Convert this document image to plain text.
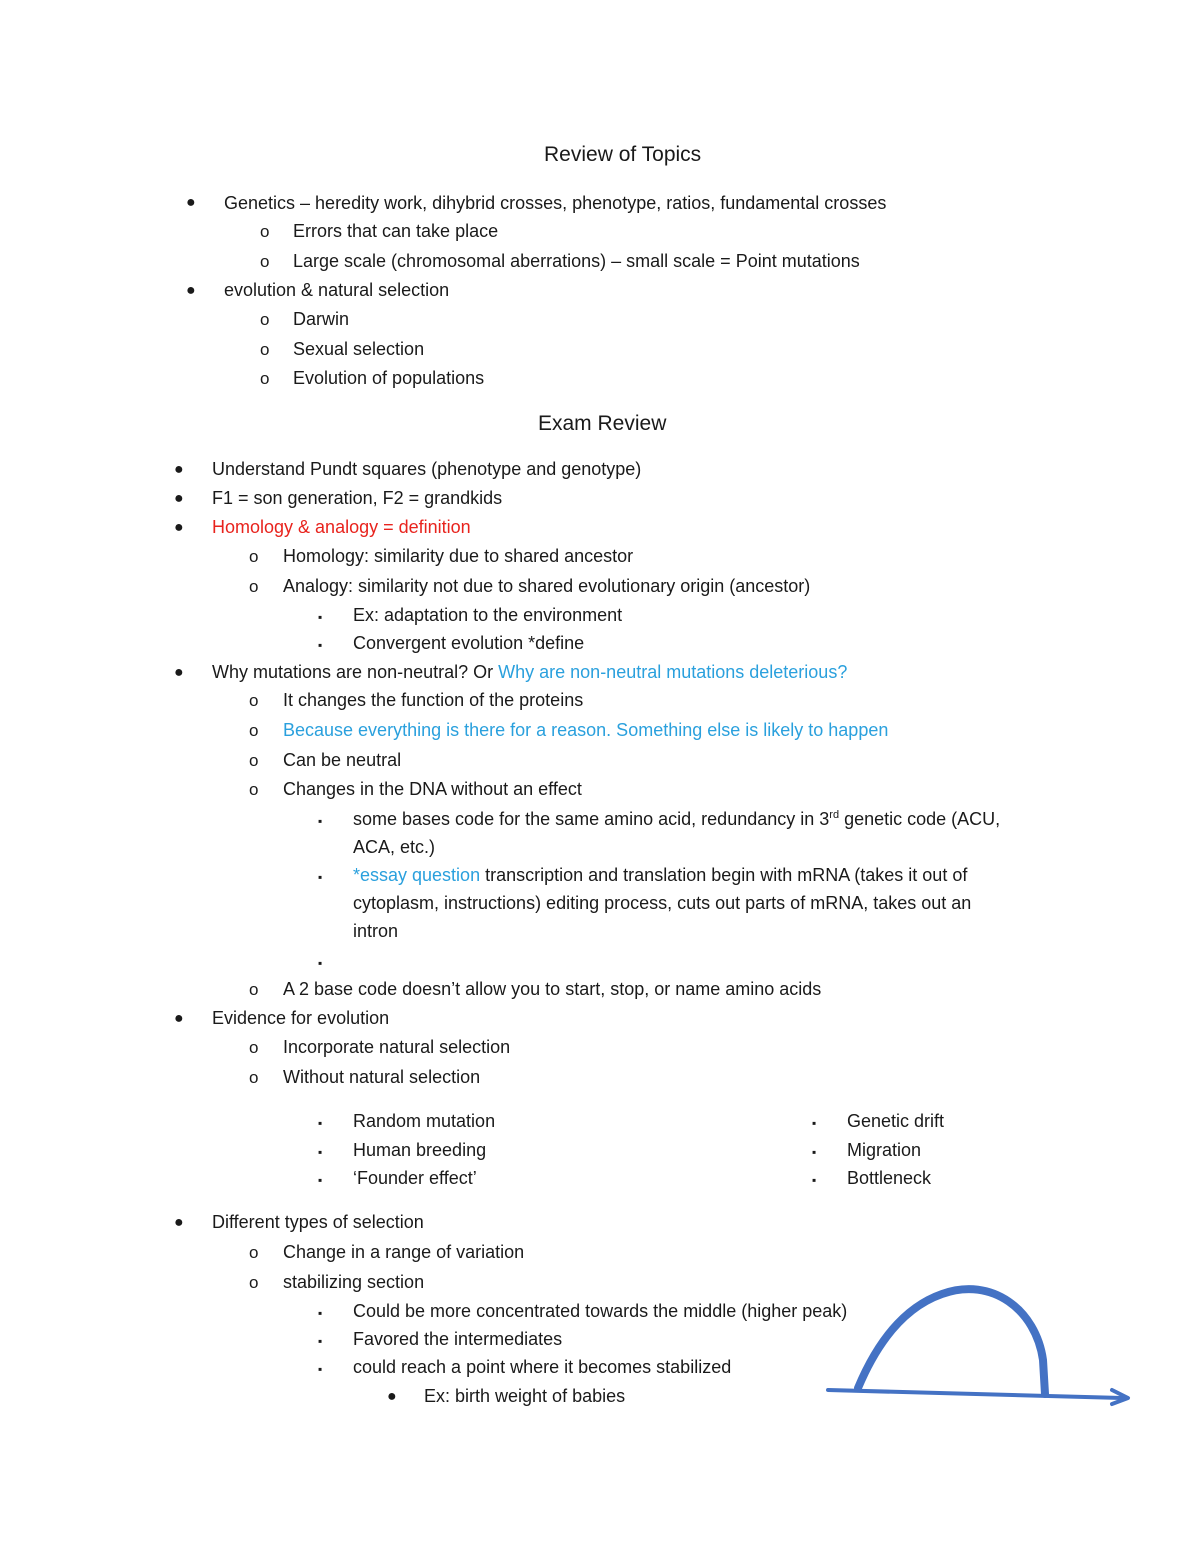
Review of Topics
● Genetics – heredity work, dihybrid crosses, phenotype, ratios, fundamental crosses
o Errors that can take place
o Large scale (chromosomal aberrations) – small scale = Point mutations
● evolution & natural selection
o Darwin
o Sexual selection
o Evolution of populations
Exam Review
● Understand Pundt squares (phenotype and genotype)
● F1 = son generation, F2 = grandkids
● Homology & analogy = definition
o Homology: similarity due to shared ancestor
o Analogy: similarity not due to shared evolutionary origin (ancestor)
▪ Ex: adaptation to the environment
▪ Convergent evolution *define
● Why mutations are non-neutral? Or Why are non-neutral mutations deleterious?
o It changes the function of the proteins
o Because everything is there for a reason. Something else is likely to happen
o Can be neutral
o Changes in the DNA without an effect
▪ some bases code for the same amino acid, redundancy in 3rd genetic code (ACU,
ACA, etc.)
▪ *essay question transcription and translation begin with mRNA (takes it out of
cytoplasm, instructions) editing process, cuts out parts of mRNA, takes out an
intron
▪
o A 2 base code doesn’t allow you to start, stop, or name amino acids
● Evidence for evolution
o Incorporate natural selection
o Without natural selection
▪ Random mutation
▪ Human breeding
▪ ‘Founder effect’
▪ Genetic drift
▪ Migration
▪ Bottleneck
● Different types of selection
o Change in a range of variation
o stabilizing section
▪ Could be more concentrated towards the middle (higher peak)
▪ Favored the intermediates
▪ could reach a point where it becomes stabilized
● Ex: birth weight of babies
